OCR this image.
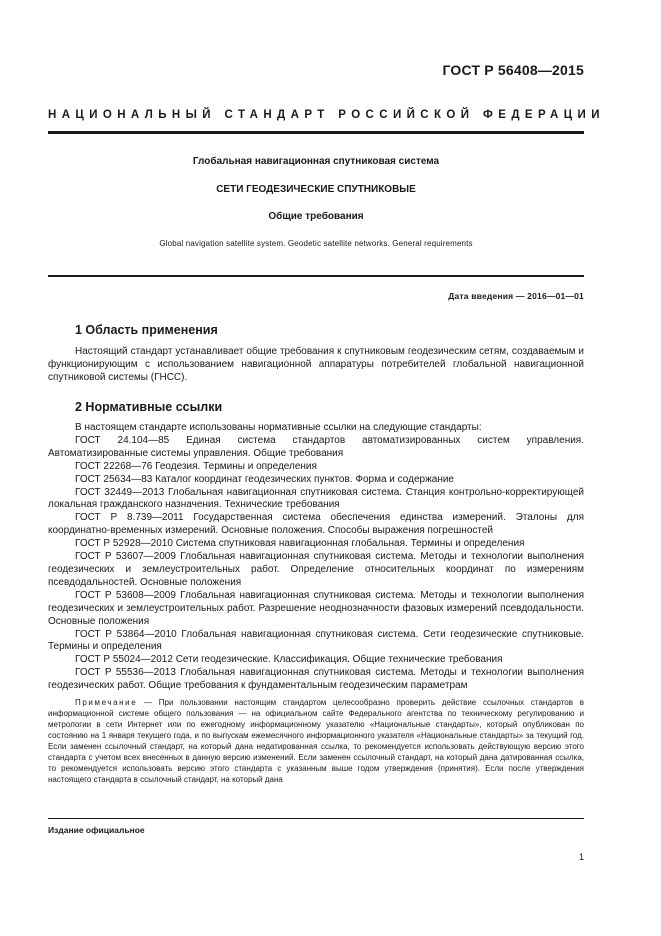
ГОСТ Р 56408—2015
НАЦИОНАЛЬНЫЙ СТАНДАРТ РОССИЙСКОЙ ФЕДЕРАЦИИ
Глобальная навигационная спутниковая система
СЕТИ ГЕОДЕЗИЧЕСКИЕ СПУТНИКОВЫЕ
Общие требования
Global navigation satellite system. Geodetic satellite networks. General requirements
Дата введения — 2016—01—01
1 Область применения

Настоящий стандарт устанавливает общие требования к спутниковым геодезическим сетям, создаваемым и функционирующим с использованием навигационной аппаратуры потребителей глобальной навигационной спутниковой системы (ГНСС).

2 Нормативные ссылки

В настоящем стандарте использованы нормативные ссылки на следующие стандарты:

ГОСТ 24.104—85 Единая система стандартов автоматизированных систем управления. Автоматизированные системы управления. Общие требования

ГОСТ 22268—76 Геодезия. Термины и определения

ГОСТ 25634—83 Каталог координат геодезических пунктов. Форма и содержание

ГОСТ 32449—2013 Глобальная навигационная спутниковая система. Станция контрольно-корректирующей локальная гражданского назначения. Технические требования

ГОСТ Р 8.739—2011 Государственная система обеспечения единства измерений. Эталоны для координатно-временных измерений. Основные положения. Способы выражения погрешностей

ГОСТ Р 52928—2010 Система спутниковая навигационная глобальная. Термины и определения

ГОСТ Р 53607—2009 Глобальная навигационная спутниковая система. Методы и технологии выполнения геодезических и землеустроительных работ. Определение относительных координат по измерениям псевдодальностей. Основные положения

ГОСТ Р 53608—2009 Глобальная навигационная спутниковая система. Методы и технологии выполнения геодезических и землеустроительных работ. Разрешение неоднозначности фазовых измерений псевдодальности. Основные положения

ГОСТ Р 53864—2010 Глобальная навигационная спутниковая система. Сети геодезические спутниковые. Термины и определения

ГОСТ Р 55024—2012 Сети геодезические. Классификация. Общие технические требования

ГОСТ Р 55536—2013 Глобальная навигационная спутниковая система. Методы и технологии выполнения геодезических работ. Общие требования к фундаментальным геодезическим параметрам

Примечание — При пользовании настоящим стандартом целесообразно проверить действие ссылочных стандартов в информационной системе общего пользования — на официальном сайте Федерального агентства по техническому регулированию и метрологии в сети Интернет или по ежегодному информационному указателю «Национальные стандарты», который опубликован по состоянию на 1 января текущего года, и по выпускам ежемесячного информационного указателя «Национальные стандарты» за текущий год. Если заменен ссылочный стандарт, на который дана недатированная ссылка, то рекомендуется использовать действующую версию этого стандарта с учетом всех внесенных в данную версию изменений. Если заменен ссылочный стандарт, на который дана датированная ссылка, то рекомендуется использовать версию этого стандарта с указанным выше годом утверждения (принятия). Если после утверждения настоящего стандарта в ссылочный стандарт, на который дана

Издание официальное
1
